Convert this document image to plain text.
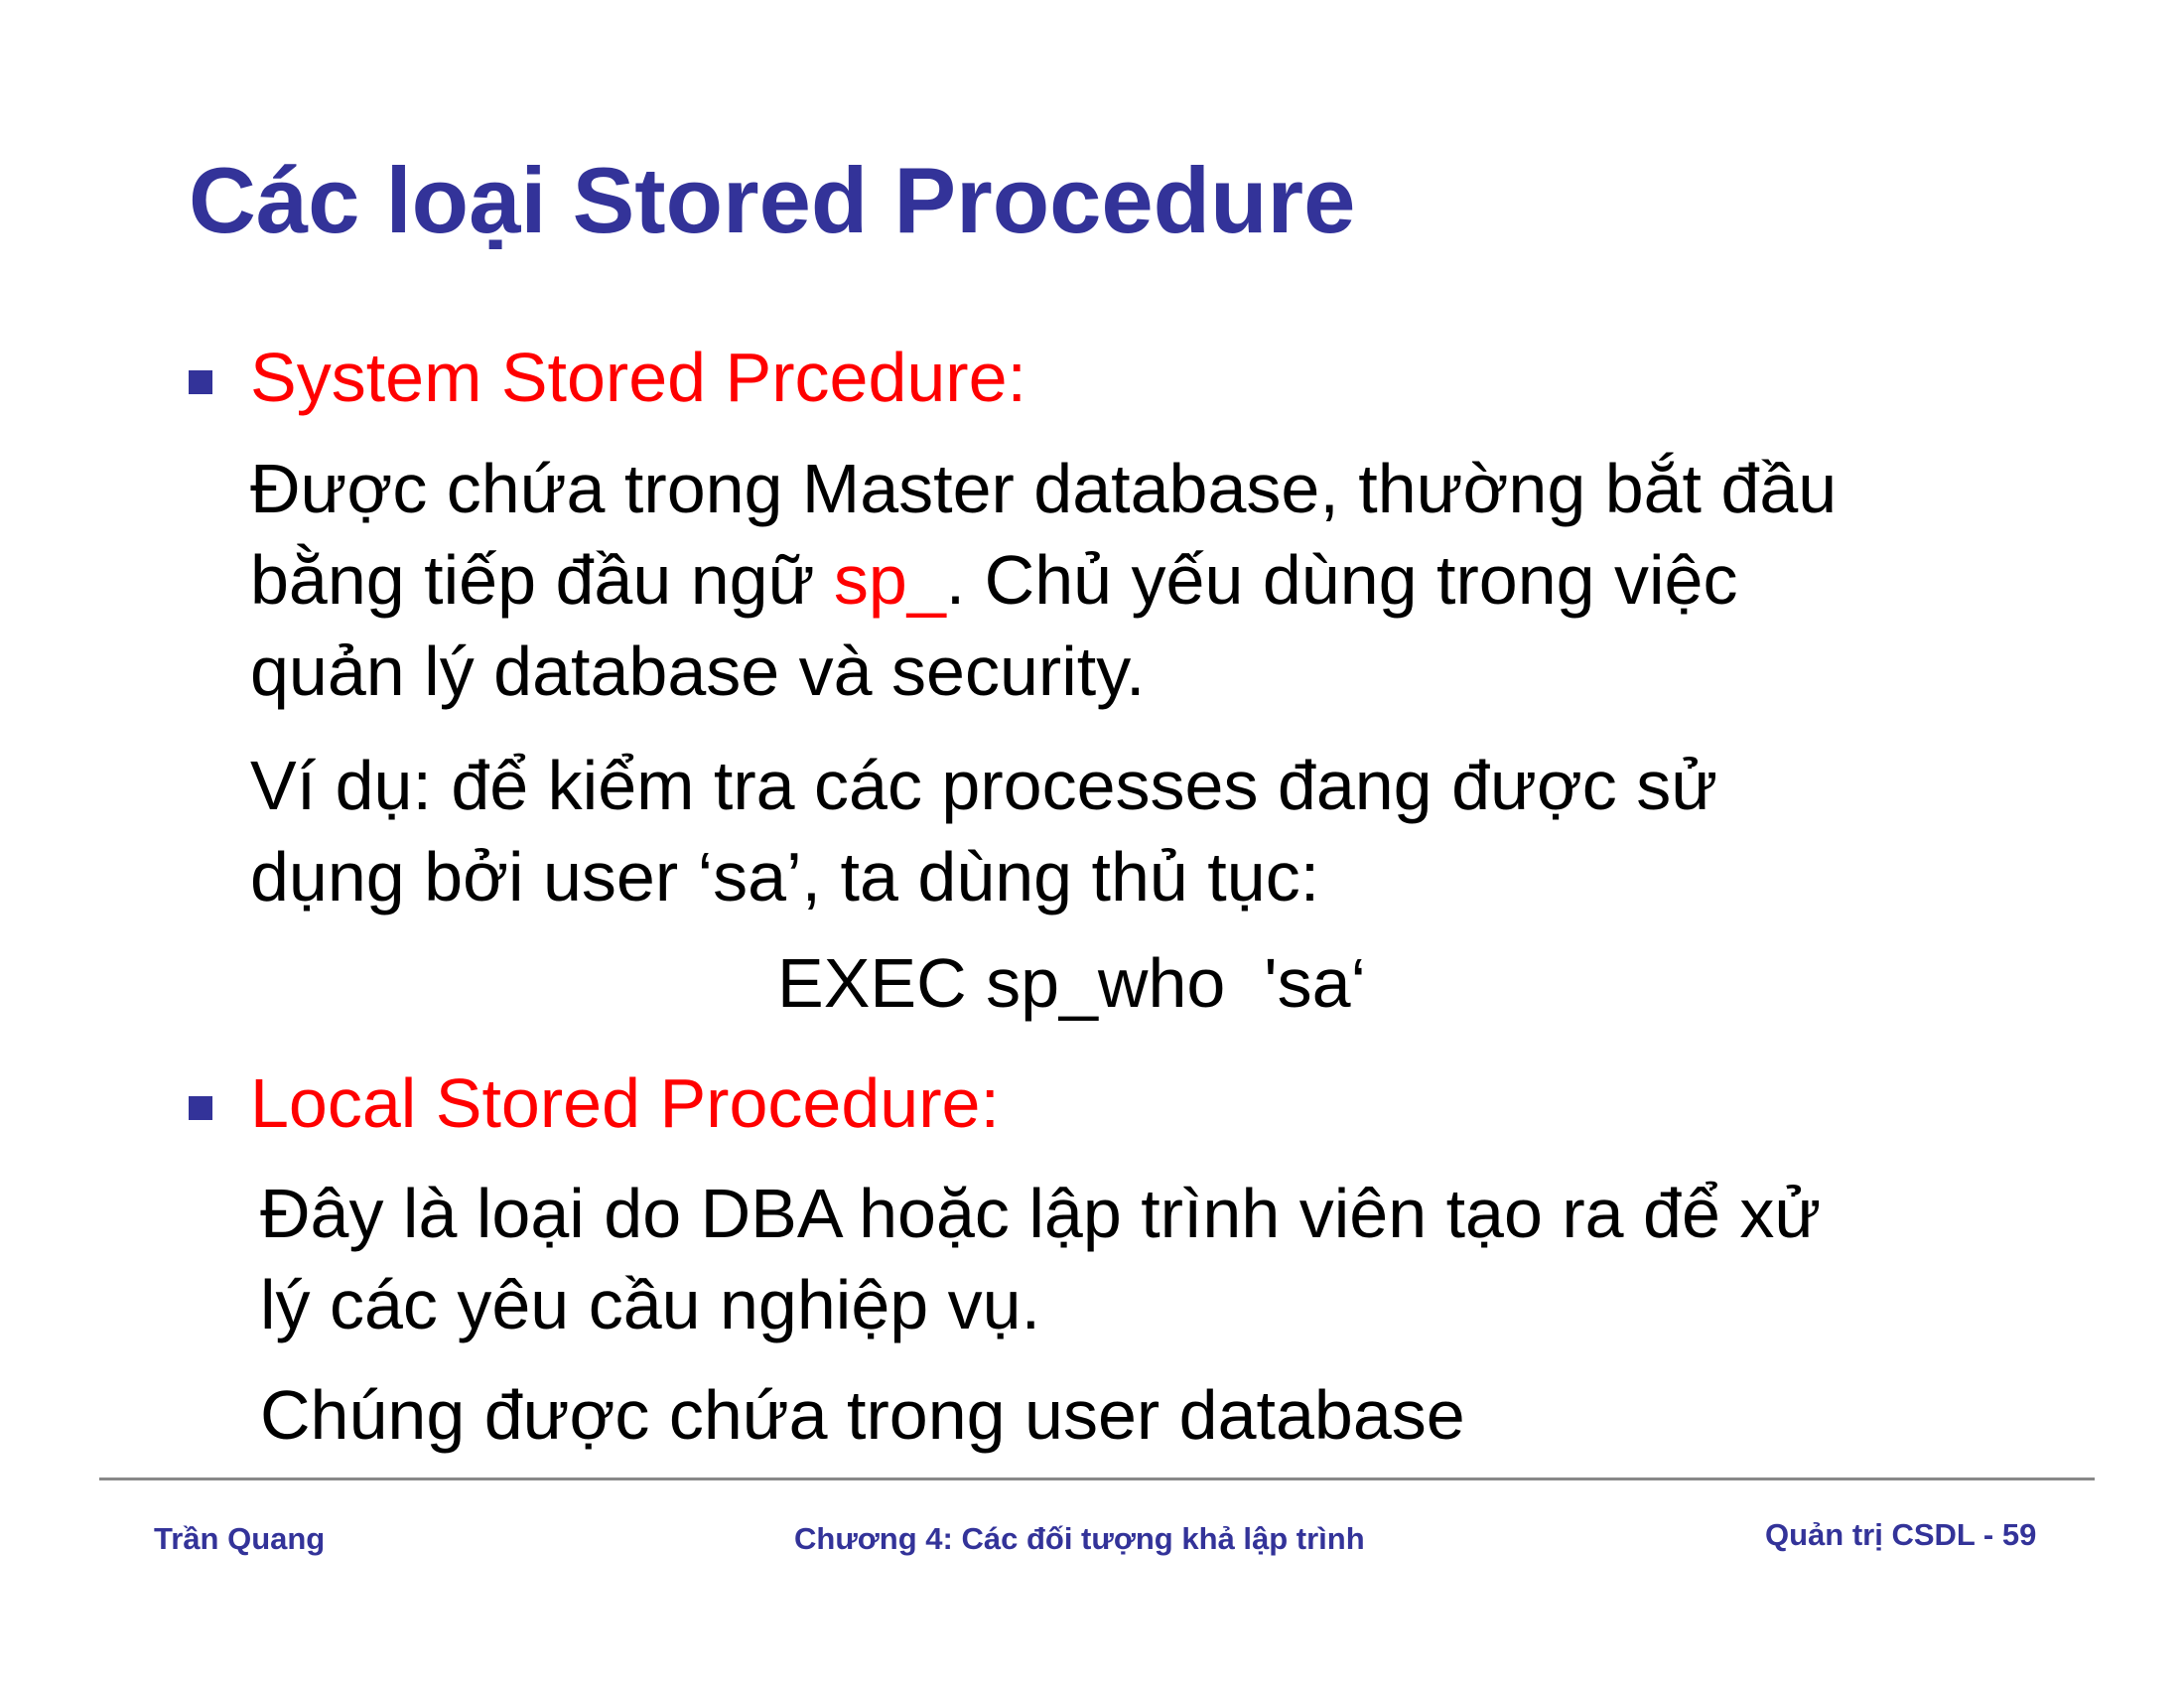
Các loại Stored Procedure
System Stored Prcedure:
Được chứa trong Master database, thường bắt đầu
bằng tiếp đầu ngữ sp_. Chủ yếu dùng trong việc
quản lý database và security.
Ví dụ: để kiểm tra các processes đang được sử
dụng bởi user ‘sa’, ta dùng thủ tục:
EXEC sp_who  'sa‘
Local Stored Procedure:
Đây là loại do DBA hoặc lập trình viên tạo ra để xử
lý các yêu cầu nghiệp vụ.
Chúng được chứa trong user database
Trần Quang	Chương 4: Các đối tượng khả lập trình	Quản trị CSDL - 59
